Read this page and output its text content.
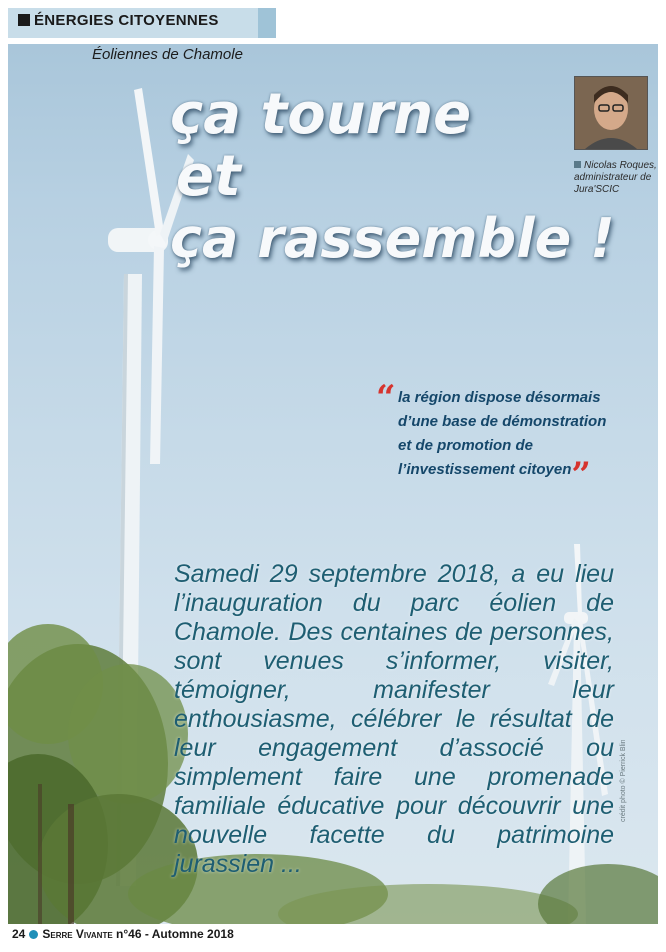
ÉNERGIES CITOYENNES
Éoliennes de Chamole
ça tourne
et
ça rassemble !
Nicolas Roques,
administrateur de
Jura'SCIC
“ la région dispose désormais
d’une base de démonstration
et de promotion de
l’investissement citoyen”
Samedi 29 septembre 2018, a eu lieu l’inauguration du parc éolien de Chamole. Des centaines de personnes, sont venues s’informer, visiter, témoigner, manifester leur enthousiasme, célébrer le résultat de leur engagement d’associé ou simplement faire une promenade familiale éducative pour découvrir une nouvelle facette du patrimoine jurassien ...
crédit photo © Pierrick Blin
24 Serre Vivante n°46 - Automne 2018
